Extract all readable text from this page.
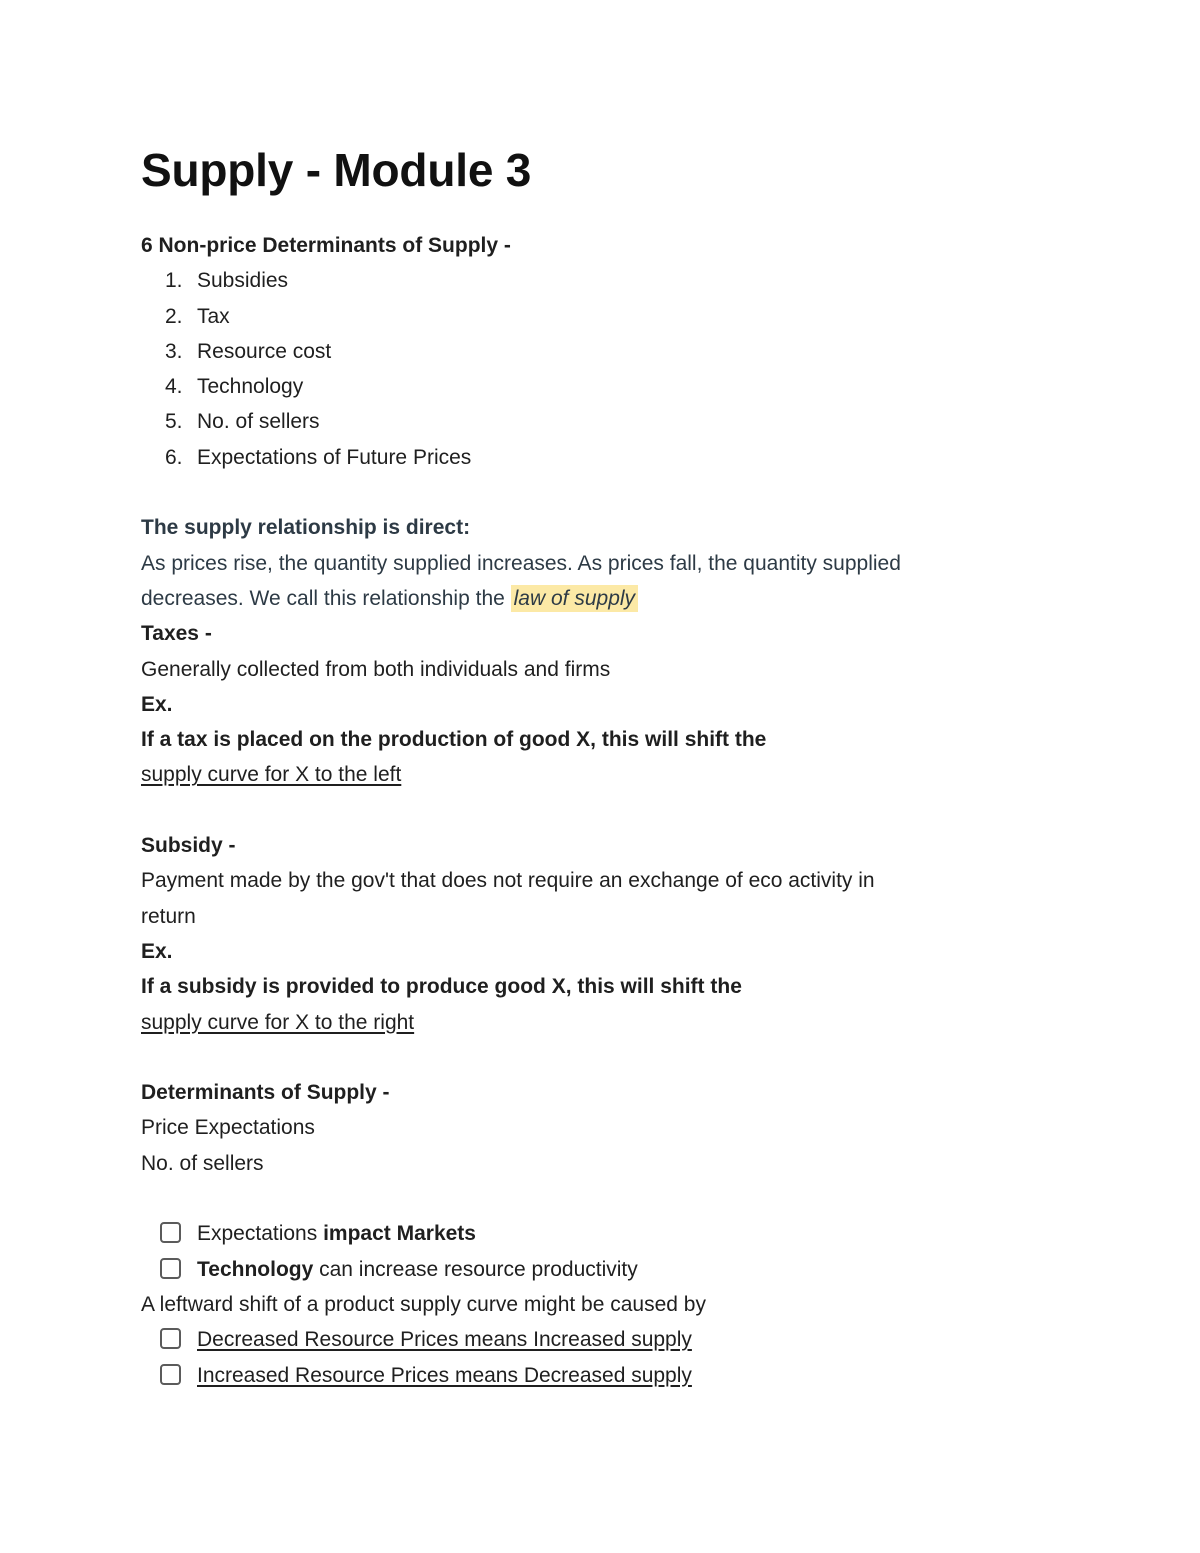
Supply - Module 3
6 Non-price Determinants of Supply -
1. Subsidies
2. Tax
3. Resource cost
4. Technology
5. No. of sellers
6. Expectations of Future Prices
The supply relationship is direct:
As prices rise, the quantity supplied increases. As prices fall, the quantity supplied
decreases. We call this relationship the law of supply
Taxes -
Generally collected from both individuals and firms
Ex.
If a tax is placed on the production of good X, this will shift the
supply curve for X to the left
Subsidy -
Payment made by the gov't that does not require an exchange of eco activity in
return
Ex.
If a subsidy is provided to produce good X, this will shift the
supply curve for X to the right
Determinants of Supply -
Price Expectations
No. of sellers
Expectations impact Markets
Technology can increase resource productivity
A leftward shift of a product supply curve might be caused by
Decreased Resource Prices means Increased supply
Increased Resource Prices means Decreased supply
